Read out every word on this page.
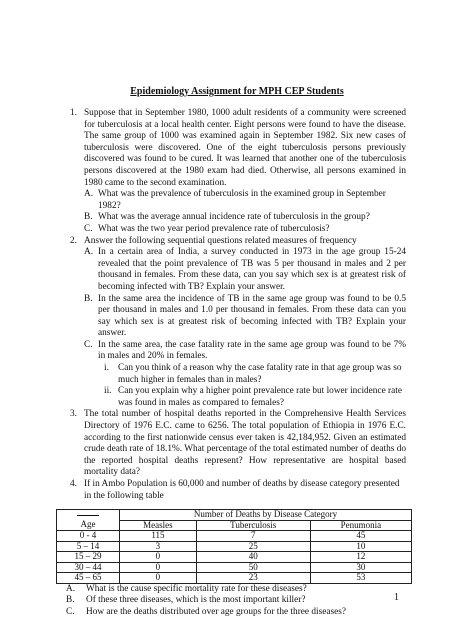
Epidemiology Assignment for MPH CEP Students
1. Suppose that in September 1980, 1000 adult residents of a community were screened for tuberculosis at a local health center. Eight persons were found to have the disease. The same group of 1000 was examined again in September 1982. Six new cases of tuberculosis were discovered. One of the eight tuberculosis persons previously discovered was found to be cured. It was learned that another one of the tuberculosis persons discovered at the 1980 exam had died. Otherwise, all persons examined in 1980 came to the second examination.
A. What was the prevalence of tuberculosis in the examined group in September 1982?
B. What was the average annual incidence rate of tuberculosis in the group?
C. What was the two year period prevalence rate of tuberculosis?
2. Answer the following sequential questions related measures of frequency
A. In a certain area of India, a survey conducted in 1973 in the age group 15-24 revealed that the point prevalence of TB was 5 per thousand in males and 2 per thousand in females. From these data, can you say which sex is at greatest risk of becoming infected with TB? Explain your answer.
B. In the same area the incidence of TB in the same age group was found to be 0.5 per thousand in males and 1.0 per thousand in females. From these data can you say which sex is at greatest risk of becoming infected with TB? Explain your answer.
C. In the same area, the case fatality rate in the same age group was found to be 7% in males and 20% in females.
i. Can you think of a reason why the case fatality rate in that age group was so much higher in females than in males?
ii. Can you explain why a higher point prevalence rate but lower incidence rate was found in males as compared to females?
3. The total number of hospital deaths reported in the Comprehensive Health Services Directory of 1976 E.C. came to 6256. The total population of Ethiopia in 1976 E.C. according to the first nationwide census ever taken is 42,184,952. Given an estimated crude death rate of 18.1%. What percentage of the total estimated number of deaths do the reported hospital deaths represent? How representative are hospital based mortality data?
4. If in Ambo Population is 60,000 and number of deaths by disease category presented in the following table
	Number of Deaths by Disease Category		
Age	Measles	Tuberculosis	Penumonia
0 - 4	115	7	45
5 – 14	3	25	10
15 – 29	0	40	12
30 – 44	0	50	30
45 – 65	0	23	53
A. What is the cause specific mortality rate for these diseases?
B. Of these three diseases, which is the most important killer?
C. How are the deaths distributed over age groups for the three diseases?
1
